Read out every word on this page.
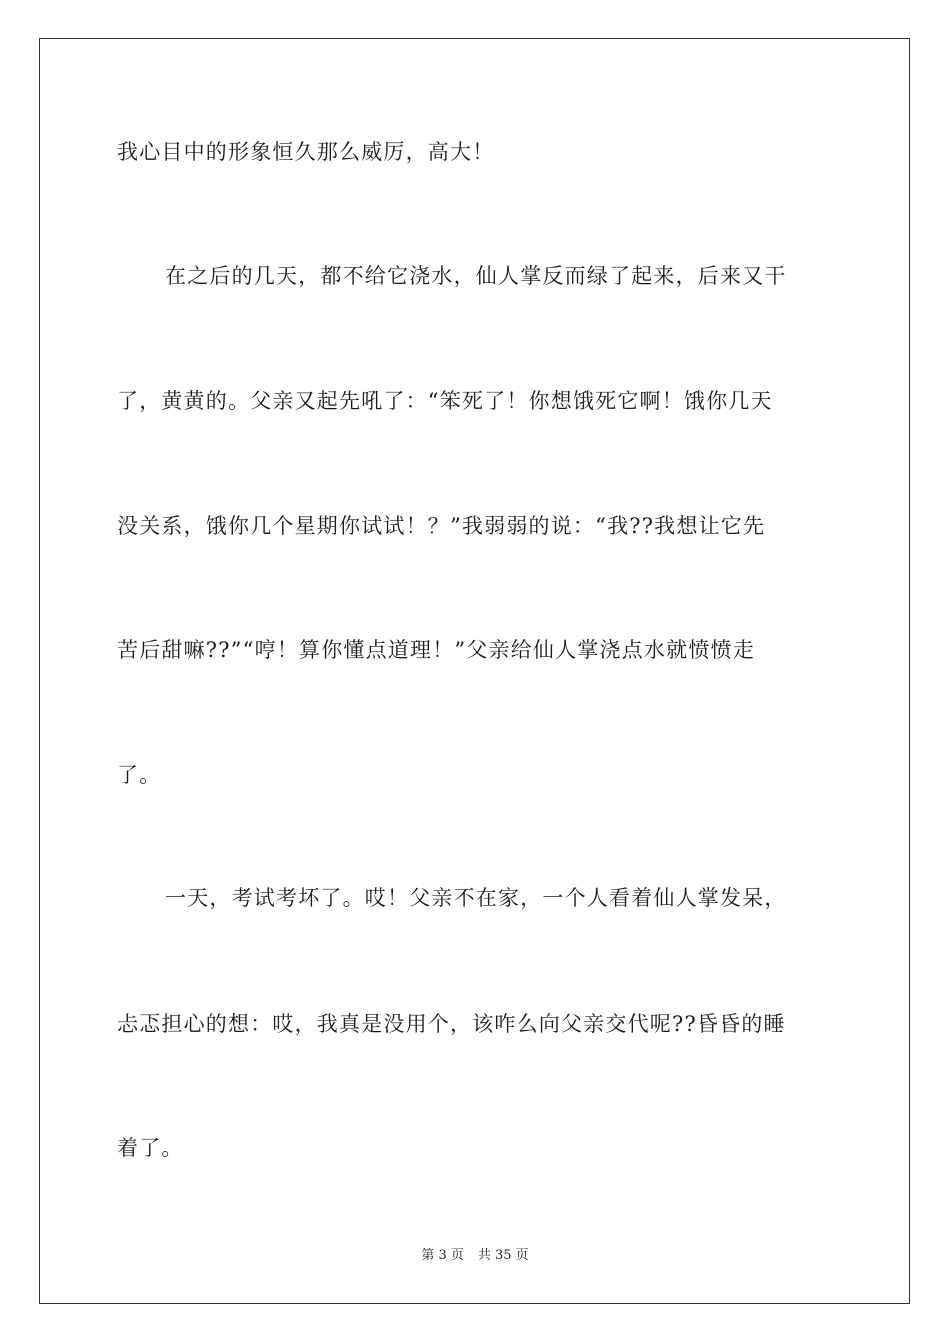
我心目中的形象恒久那么威厉，高大！
在之后的几天，都不给它浇水，仙人掌反而绿了起来，后来又干
了，黄黄的。父亲又起先吼了：“笨死了！你想饿死它啊！饿你几天
没关系，饿你几个星期你试试！？”我弱弱的说：“我??我想让它先
苦后甜嘛??”“哼！算你懂点道理！”父亲给仙人掌浇点水就愤愤走
了。
一天，考试考坏了。哎！父亲不在家，一个人看着仙人掌发呆，
忐忑担心的想：哎，我真是没用个，该咋么向父亲交代呢??昏昏的睡
着了。
第 3 页 共 35 页
